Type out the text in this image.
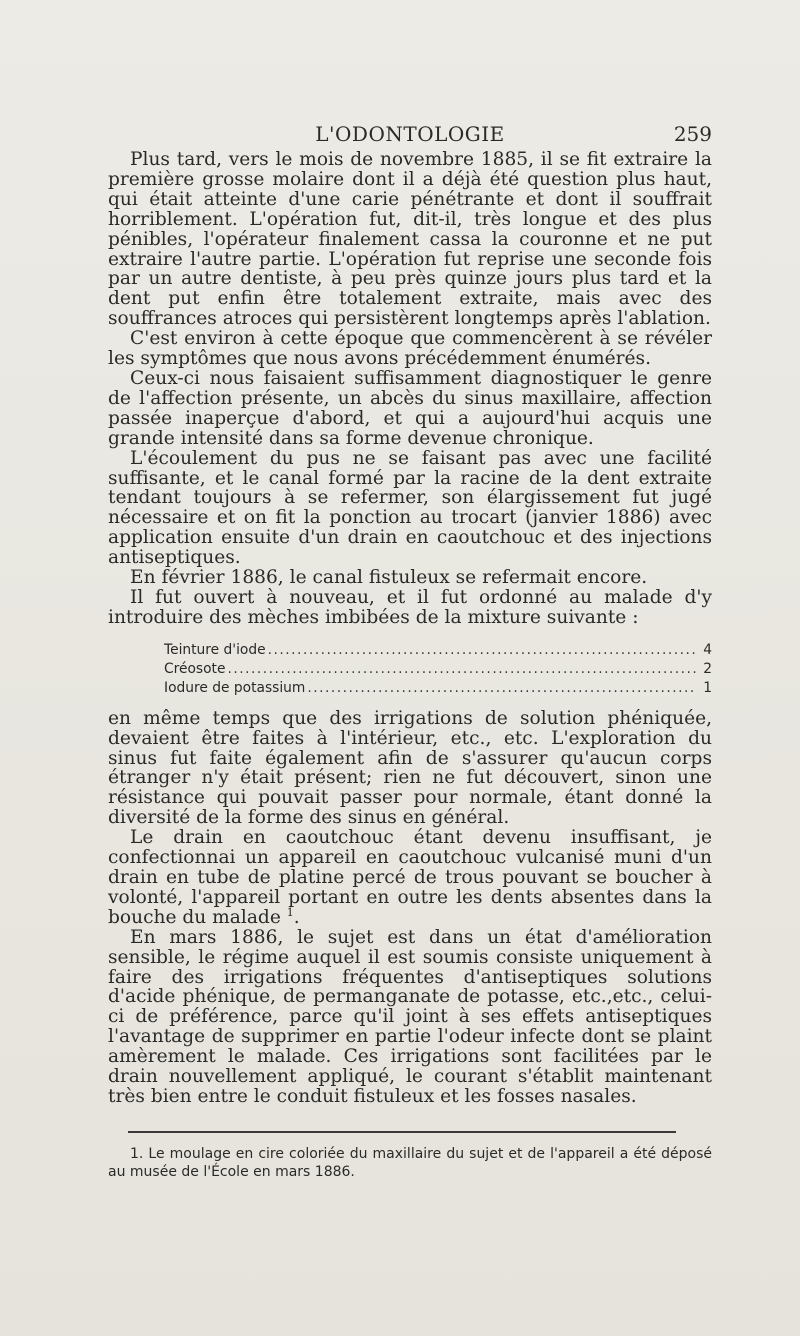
L'ODONTOLOGIE	259

Plus tard, vers le mois de novembre 1885, il se fit extraire la première grosse molaire dont il a déjà été question plus haut, qui était atteinte d'une carie pénétrante et dont il souffrait horriblement. L'opération fut, dit-il, très longue et des plus pénibles, l'opérateur finalement cassa la couronne et ne put extraire l'autre partie. L'opération fut reprise une seconde fois par un autre dentiste, à peu près quinze jours plus tard et la dent put enfin être totalement extraite, mais avec des souffrances atroces qui persistèrent longtemps après l'ablation.

C'est environ à cette époque que commencèrent à se révéler les symptômes que nous avons précédemment énumérés.

Ceux-ci nous faisaient suffisamment diagnostiquer le genre de l'affection présente, un abcès du sinus maxillaire, affection passée inaperçue d'abord, et qui a aujourd'hui acquis une grande intensité dans sa forme devenue chronique.

L'écoulement du pus ne se faisant pas avec une facilité suffisante, et le canal formé par la racine de la dent extraite tendant toujours à se refermer, son élargissement fut jugé nécessaire et on fit la ponction au trocart (janvier 1886) avec application ensuite d'un drain en caoutchouc et des injections antiseptiques.

En février 1886, le canal fistuleux se refermait encore.

Il fut ouvert à nouveau, et il fut ordonné au malade d'y introduire des mèches imbibées de la mixture suivante :

Teinture d'iode .....	4
Créosote .....	2
Iodure de potassium .....	1

en même temps que des irrigations de solution phéniquée, devaient être faites à l'intérieur, etc., etc. L'exploration du sinus fut faite également afin de s'assurer qu'aucun corps étranger n'y était présent; rien ne fut découvert, sinon une résistance qui pouvait passer pour normale, étant donné la diversité de la forme des sinus en général.

Le drain en caoutchouc étant devenu insuffisant, je confectionnai un appareil en caoutchouc vulcanisé muni d'un drain en tube de platine percé de trous pouvant se boucher à volonté, l'appareil portant en outre les dents absentes dans la bouche du malade $^1$.

En mars 1886, le sujet est dans un état d'amélioration sensible, le régime auquel il est soumis consiste uniquement à faire des irrigations fréquentes d'antiseptiques solutions d'acide phénique, de permanganate de potasse, etc.,etc., celui-ci de préférence, parce qu'il joint à ses effets antiseptiques l'avantage de supprimer en partie l'odeur infecte dont se plaint amèrement le malade. Ces irrigations sont facilitées par le drain nouvellement appliqué, le courant s'établit maintenant très bien entre le conduit fistuleux et les fosses nasales.

1. Le moulage en cire coloriée du maxillaire du sujet et de l'appareil a été déposé au musée de l'École en mars 1886.
